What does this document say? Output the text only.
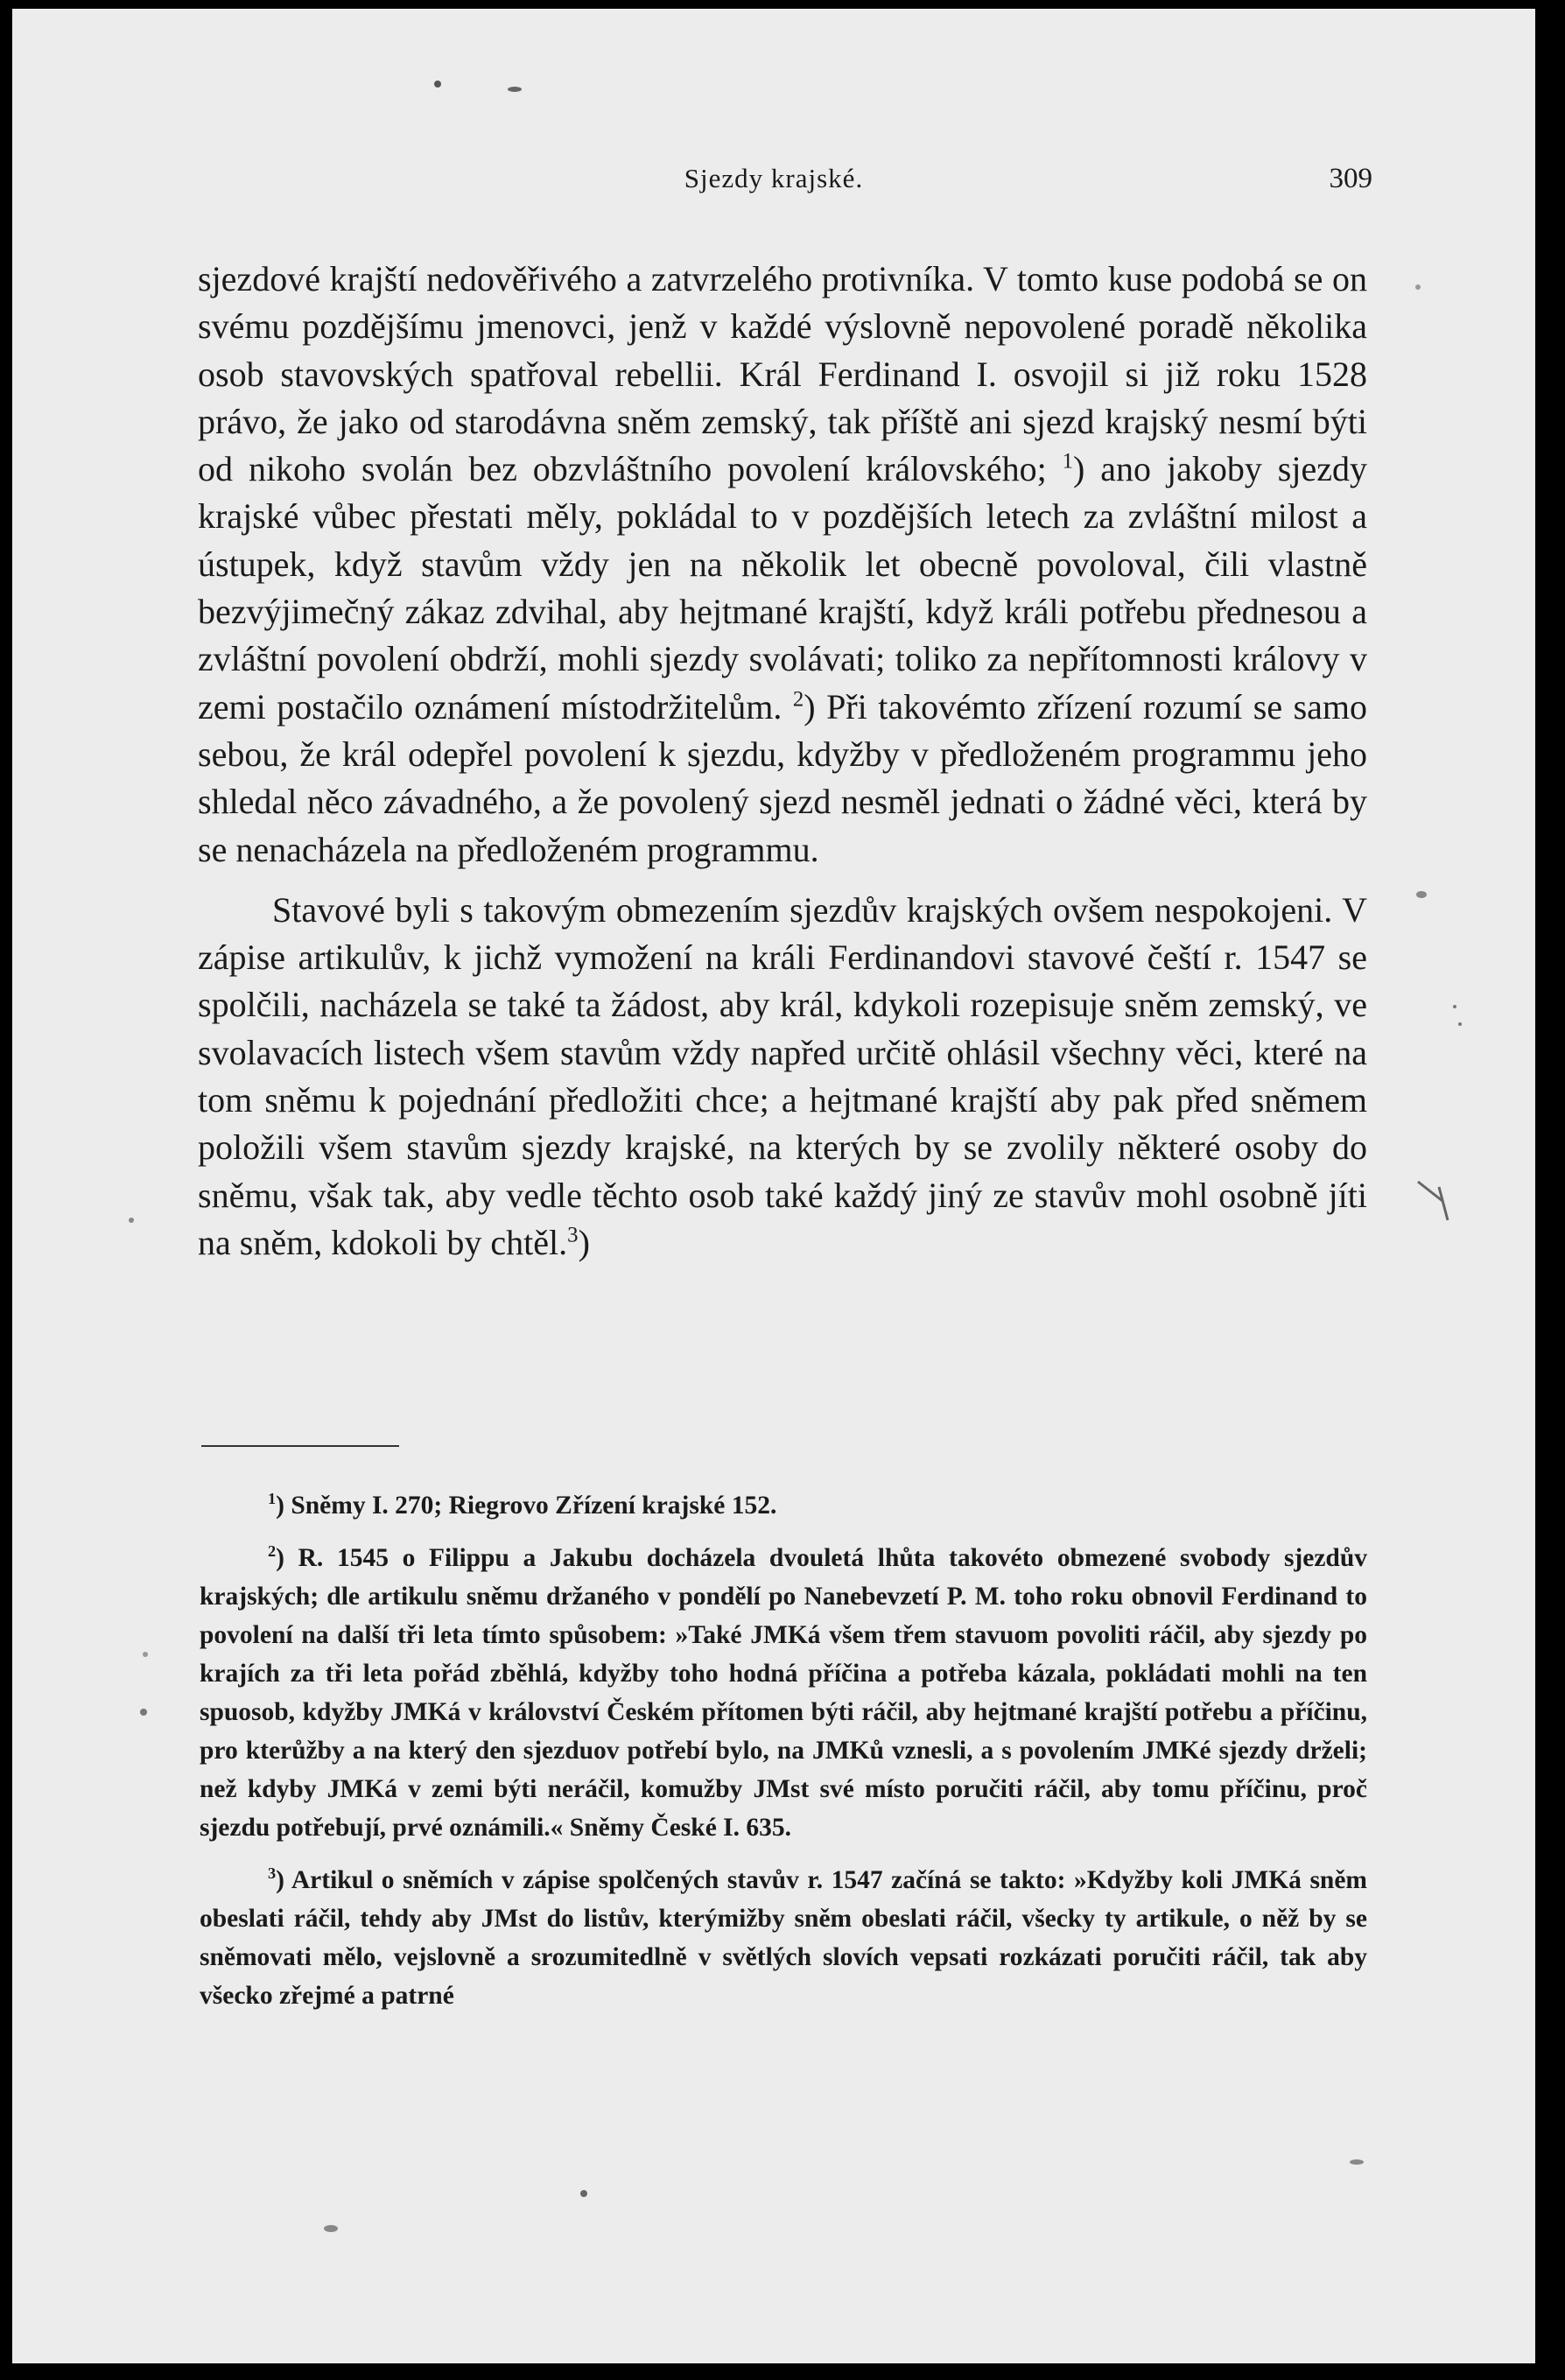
Sjezdy krajské.	309

sjezdové krajští nedověřivého a zatvrzelého protivníka. V tomto kuse podobá se on svému pozdějšímu jmenovci, jenž v každé výslovně nepovolené poradě několika osob stavovských spatřoval rebellii. Král Ferdinand I. osvojil si již roku 1528 právo, že jako od starodávna sněm zemský, tak příště ani sjezd krajský nesmí býti od nikoho svolán bez obzvláštního povolení královského; $^1$) ano jakoby sjezdy krajské vůbec přestati měly, pokládal to v pozdějších letech za zvláštní milost a ústupek, když stavům vždy jen na několik let obecně povoloval, čili vlastně bezvýjimečný zákaz zdvihal, aby hejtmané krajští, když králi potřebu přednesou a zvláštní povolení obdrží, mohli sjezdy svolávati; toliko za nepřítomnosti královy v zemi postačilo oznámení místodržitelům. $^2$) Při takovémto zřízení rozumí se samo sebou, že král odepřel povolení k sjezdu, kdyžby v předloženém programmu jeho shledal něco závadného, a že povolený sjezd nesměl jednati o žádné věci, která by se nenacházela na předloženém programmu.

Stavové byli s takovým obmezením sjezdův krajských ovšem nespokojeni. V zápise artikulův, k jichž vymožení na králi Ferdinandovi stavové čeští r. 1547 se spolčili, nacházela se také ta žádost, aby král, kdykoli rozepisuje sněm zemský, ve svolavacích listech všem stavům vždy napřed určitě ohlásil všechny věci, které na tom sněmu k pojednání předložiti chce; a hejtmané krajští aby pak před sněmem položili všem stavům sjezdy krajské, na kterých by se zvolily některé osoby do sněmu, však tak, aby vedle těchto osob také každý jiný ze stavův mohl osobně jíti na sněm, kdokoli by chtěl.$^3$)

$^1$) Sněmy I. 270; Riegrovo Zřízení krajské 152.

$^2$) R. 1545 o Filippu a Jakubu docházela dvouletá lhůta takovéto obmezené svobody sjezdův krajských; dle artikulu sněmu držaného v pondělí po Nanebevzetí P. M. toho roku obnovil Ferdinand to povolení na další tři leta tímto spůsobem: »Také JMKá všem třem stavuom povoliti ráčil, aby sjezdy po krajích za tři leta pořád zběhlá, kdyžby toho hodná příčina a potřeba kázala, pokládati mohli na ten spuosob, kdyžby JMKá v království Českém přítomen býti ráčil, aby hejtmané krajští potřebu a příčinu, pro kterůžby a na který den sjezduov potřebí bylo, na JMKů vznesli, a s povolením JMKé sjezdy drželi; než kdyby JMKá v zemi býti neráčil, komužby JMst své místo poručiti ráčil, aby tomu příčinu, proč sjezdu potřebují, prvé oznámili.« Sněmy České I. 635.

$^3$) Artikul o sněmích v zápise spolčených stavův r. 1547 začíná se takto: »Kdyžby koli JMKá sněm obeslati ráčil, tehdy aby JMst do listův, kterýmižby sněm obeslati ráčil, všecky ty artikule, o něž by se sněmovati mělo, vejslovně a srozumitedlně v světlých slovích vepsati rozkázati poručiti ráčil, tak aby všecko zřejmé a patrné
